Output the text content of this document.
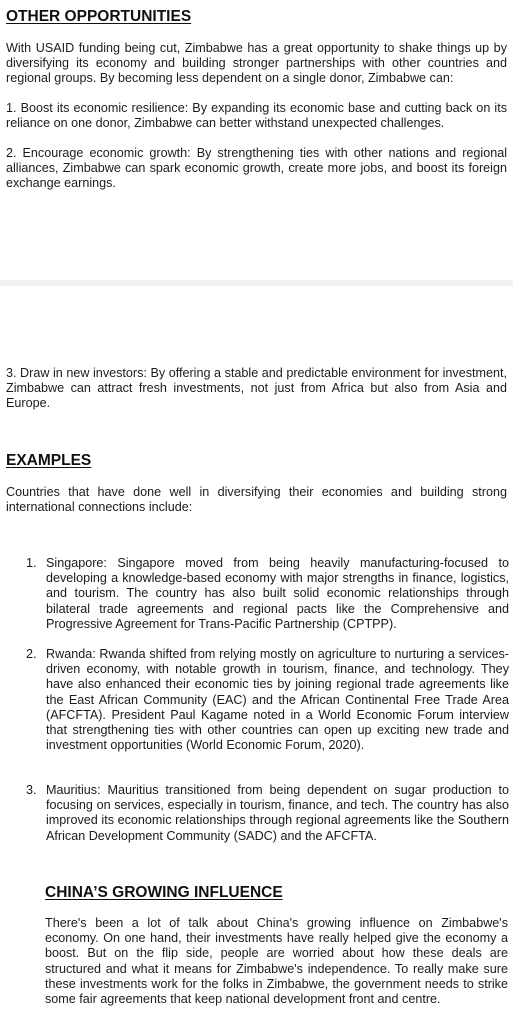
OTHER OPPORTUNITIES

With USAID funding being cut, Zimbabwe has a great opportunity to shake things up by diversifying its economy and building stronger partnerships with other countries and regional groups. By becoming less dependent on a single donor, Zimbabwe can:

1. Boost its economic resilience: By expanding its economic base and cutting back on its reliance on one donor, Zimbabwe can better withstand unexpected challenges.

2. Encourage economic growth: By strengthening ties with other nations and regional alliances, Zimbabwe can spark economic growth, create more jobs, and boost its foreign exchange earnings.

3. Draw in new investors: By offering a stable and predictable environment for investment, Zimbabwe can attract fresh investments, not just from Africa but also from Asia and Europe.

EXAMPLES

Countries that have done well in diversifying their economies and building strong international connections include:

1. Singapore: Singapore moved from being heavily manufacturing-focused to developing a knowledge-based economy with major strengths in finance, logistics, and tourism. The country has also built solid economic relationships through bilateral trade agreements and regional pacts like the Comprehensive and Progressive Agreement for Trans-Pacific Partnership (CPTPP).

2. Rwanda: Rwanda shifted from relying mostly on agriculture to nurturing a services-driven economy, with notable growth in tourism, finance, and technology. They have also enhanced their economic ties by joining regional trade agreements like the East African Community (EAC) and the African Continental Free Trade Area (AFCFTA). President Paul Kagame noted in a World Economic Forum interview that strengthening ties with other countries can open up exciting new trade and investment opportunities (World Economic Forum, 2020).

3. Mauritius: Mauritius transitioned from being dependent on sugar production to focusing on services, especially in tourism, finance, and tech. The country has also improved its economic relationships through regional agreements like the Southern African Development Community (SADC) and the AFCFTA.

CHINA’S GROWING INFLUENCE

There's been a lot of talk about China's growing influence on Zimbabwe's economy. On one hand, their investments have really helped give the economy a boost. But on the flip side, people are worried about how these deals are structured and what it means for Zimbabwe's independence. To really make sure these investments work for the folks in Zimbabwe, the government needs to strike some fair agreements that keep national development front and centre.
